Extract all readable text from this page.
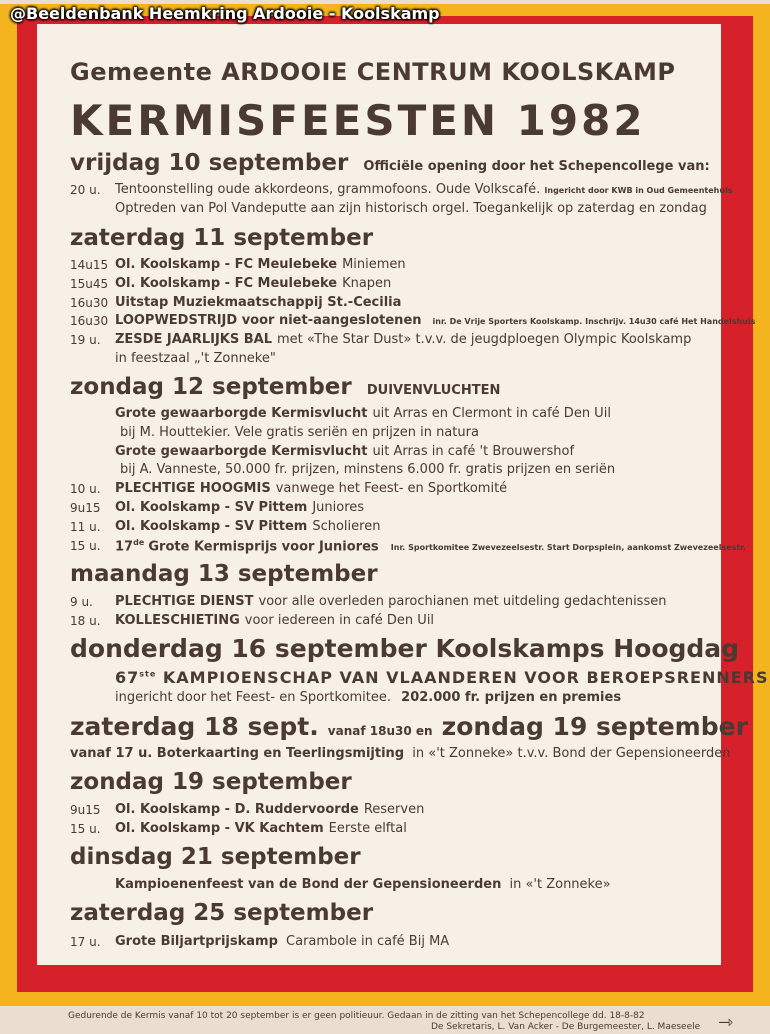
@Beeldenbank Heemkring Ardooie - Koolskamp
Gemeente ARDOOIE CENTRUM KOOLSKAMP
KERMISFEESTEN 1982
vrijdag 10 september Officiële opening door het Schepencollege van:
20 u. Tentoonstelling oude akkordeons, grammofoons. Oude Volkscafé. Ingericht door KWB in Oud Gemeentehuis
Optreden van Pol Vandeputte aan zijn historisch orgel. Toegankelijk op zaterdag en zondag
zaterdag 11 september
14u15 Ol. Koolskamp - FC Meulebeke Miniemen
15u45 Ol. Koolskamp - FC Meulebeke Knapen
16u30 Uitstap Muziekmaatschappij St.-Cecilia
16u30 LOOPWEDSTRIJD voor niet-aangeslotenen inr. De Vrije Sporters Koolskamp. Inschrijv. 14u30 café Het Handelshuis
19 u. ZESDE JAARLIJKS BAL met «The Star Dust» t.v.v. de jeugdploegen Olympic Koolskamp
in feestzaal „'t Zonneke"
zondag 12 september DUIVENVLUCHTEN
Grote gewaarborgde Kermisvlucht uit Arras en Clermont in café Den Uil
bij M. Houttekier. Vele gratis seriën en prijzen in natura
Grote gewaarborgde Kermisvlucht uit Arras in café 't Brouwershof
bij A. Vanneste, 50.000 fr. prijzen, minstens 6.000 fr. gratis prijzen en seriën
10 u. PLECHTIGE HOOGMIS vanwege het Feest- en Sportkomité
9u15 Ol. Koolskamp - SV Pittem Juniores
11 u. Ol. Koolskamp - SV Pittem Scholieren
15 u. 17de Grote Kermisprijs voor Juniores Inr. Sportkomitee Zwevezeelsestr. Start Dorpsplein, aankomst Zwevezeelsestr.
maandag 13 september
9 u. PLECHTIGE DIENST voor alle overleden parochianen met uitdeling gedachtenissen
18 u. KOLLESCHIETING voor iedereen in café Den Uil
donderdag 16 september Koolskamps Hoogdag
67ste KAMPIOENSCHAP VAN VLAANDEREN VOOR BEROEPSRENNERS
ingericht door het Feest- en Sportkomitee. 202.000 fr. prijzen en premies
zaterdag 18 sept. vanaf 18u30 en zondag 19 september
vanaf 17 u. Boterkaarting en Teerlingsmijting in «'t Zonneke» t.v.v. Bond der Gepensioneerden
zondag 19 september
9u15 Ol. Koolskamp - D. Ruddervoorde Reserven
15 u. Ol. Koolskamp - VK Kachtem Eerste elftal
dinsdag 21 september
Kampioenenfeest van de Bond der Gepensioneerden in «'t Zonneke»
zaterdag 25 september
17 u. Grote Biljartprijskamp Carambole in café Bij MA
Gedurende de Kermis vanaf 10 tot 20 september is er geen politieuur. Gedaan in de zitting van het Schepencollege dd. 18-8-82
De Sekretaris, L. Van Acker - De Burgemeester, L. Maeseele ⇾
